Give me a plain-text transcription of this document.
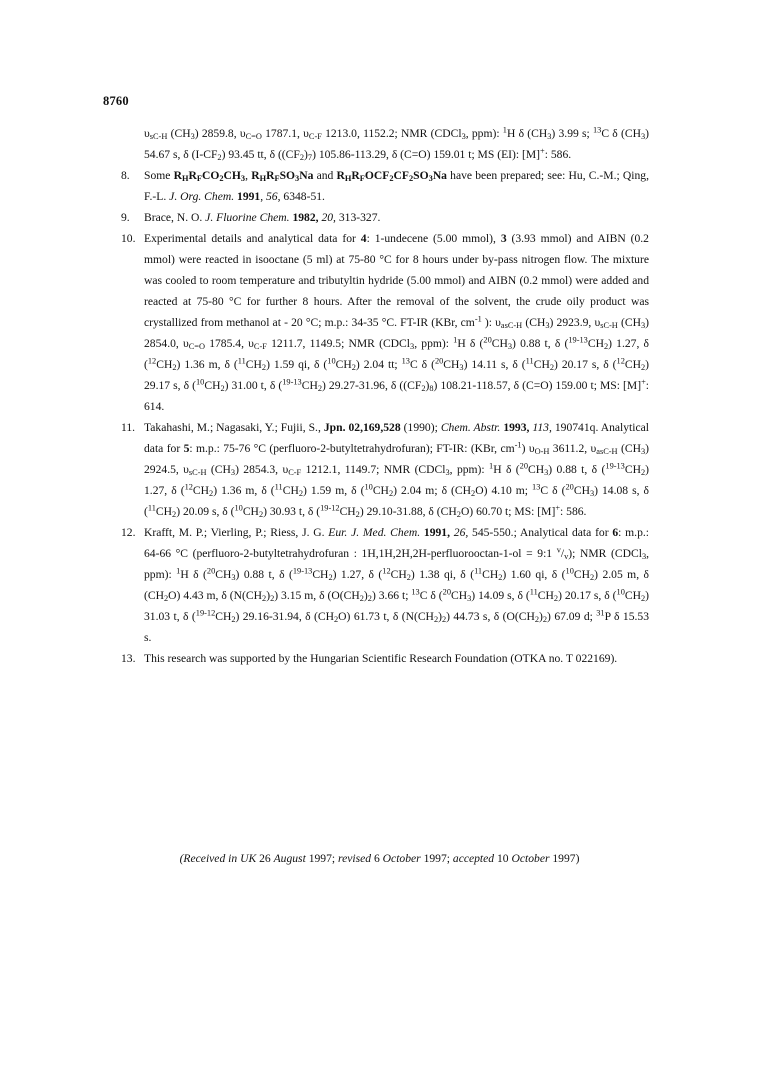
8760
$\upsilon_{sC-H}$ $(CH_3)$ 2859.8, $\upsilon_{C=O}$ 1787.1, $\upsilon_{C-F}$ 1213.0, 1152.2; NMR (CDCl$_3$, ppm): $^1$H δ $(CH_3)$ 3.99 s; $^{13}$C δ $(CH_3)$ 54.67 s, δ $(I-CF_2)$ 93.45 tt, δ $((CF_2)_7)$ 105.86-113.29, δ (C=O) 159.01 t; MS (EI): [M]+: 586.
8. Some $R_HR_FCO_2CH_3$, $R_HR_FSO_3Na$ and $R_HR_FOCF_2CF_2SO_3Na$ have been prepared; see: Hu, C.-M.; Qing, F.-L. J. Org. Chem. 1991, 56, 6348-51.
9. Brace, N. O. J. Fluorine Chem. 1982, 20, 313-327.
10. Experimental details and analytical data for 4: 1-undecene (5.00 mmol), 3 (3.93 mmol) and AIBN (0.2 mmol) were reacted in isooctane (5 ml) at 75-80 °C for 8 hours under by-pass nitrogen flow. The mixture was cooled to room temperature and tributyltin hydride (5.00 mmol) and AIBN (0.2 mmol) were added and reacted at 75-80 °C for further 8 hours. After the removal of the solvent, the crude oily product was crystallized from methanol at - 20 °C; m.p.: 34-35 °C. FT-IR (KBr, $cm^{-1}$ ): $\upsilon_{asC-H}$ $(CH_3)$ 2923.9, $\upsilon_{sC-H}$ $(CH_3)$ 2854.0, $\upsilon_{C=O}$ 1785.4, $\upsilon_{C-F}$ 1211.7, 1149.5; NMR (CDCl$_3$, ppm): $^1$H δ $(^{20}CH_3)$ 0.88 t, δ $(^{19-13}CH_2)$ 1.27, δ $(^{12}CH_2)$ 1.36 m, δ $(^{11}CH_2)$ 1.59 qi, δ $(^{10}CH_2)$ 2.04 tt; $^{13}$C δ $(^{20}CH_3)$ 14.11 s, δ $(^{11}CH_2)$ 20.17 s, δ $(^{12}CH_2)$ 29.17 s, δ $(^{10}CH_2)$ 31.00 t, δ $(^{19-13}CH_2)$ 29.27-31.96, δ $((CF_2)_8)$ 108.21-118.57, δ (C=O) 159.00 t; MS: [M]+: 614.
11. Takahashi, M.; Nagasaki, Y.; Fujii, S., Jpn. 02,169,528 (1990); Chem. Abstr. 1993, 113, 190741q. Analytical data for 5: m.p.: 75-76 °C (perfluoro-2-butyltetrahydrofuran); FT-IR: (KBr, $cm^{-1}$) $\upsilon_{O-H}$ 3611.2, $\upsilon_{asC-H}$ $(CH_3)$ 2924.5, $\upsilon_{sC-H}$ $(CH_3)$ 2854.3, $\upsilon_{C-F}$ 1212.1, 1149.7; NMR (CDCl$_3$, ppm): $^1$H δ $(^{20}CH_3)$ 0.88 t, δ $(^{19-13}CH_2)$ 1.27, δ $(^{12}CH_2)$ 1.36 m, δ $(^{11}CH_2)$ 1.59 m, δ $(^{10}CH_2)$ 2.04 m; δ $(CH_2O)$ 4.10 m; $^{13}$C δ $(^{20}CH_3)$ 14.08 s, δ $(^{11}CH_2)$ 20.09 s, δ $(^{10}CH_2)$ 30.93 t, δ $(^{19-12}CH_2)$ 29.10-31.88, δ $(CH_2O)$ 60.70 t; MS: [M]+: 586.
12. Krafft, M. P.; Vierling, P.; Riess, J. G. Eur. J. Med. Chem. 1991, 26, 545-550.; Analytical data for 6: m.p.: 64-66 °C (perfluoro-2-butyltetrahydrofuran : 1H,1H,2H,2H-perfluorooctan-1-ol = 9:1 $^v/_v$); NMR (CDCl$_3$, ppm): $^1$H δ $(^{20}CH_3)$ 0.88 t, δ $(^{19-13}CH_2)$ 1.27, δ $(^{12}CH_2)$ 1.38 qi, δ $(^{11}CH_2)$ 1.60 qi, δ $(^{10}CH_2)$ 2.05 m, δ $(CH_2O)$ 4.43 m, δ $(N(CH_2)_2)$ 3.15 m, δ $(O(CH_2)_2)$ 3.66 t; $^{13}$C δ $(^{20}CH_3)$ 14.09 s, δ $(^{11}CH_2)$ 20.17 s, δ $(^{10}CH_2)$ 31.03 t, δ $(^{19-12}CH_2)$ 29.16-31.94, δ $(CH_2O)$ 61.73 t, δ $(N(CH_2)_2)$ 44.73 s, δ $(O(CH_2)_2)$ 67.09 d; $^{31}$P δ 15.53 s.
13. This research was supported by the Hungarian Scientific Research Foundation (OTKA no. T 022169).
(Received in UK 26 August 1997; revised 6 October 1997; accepted 10 October 1997)
